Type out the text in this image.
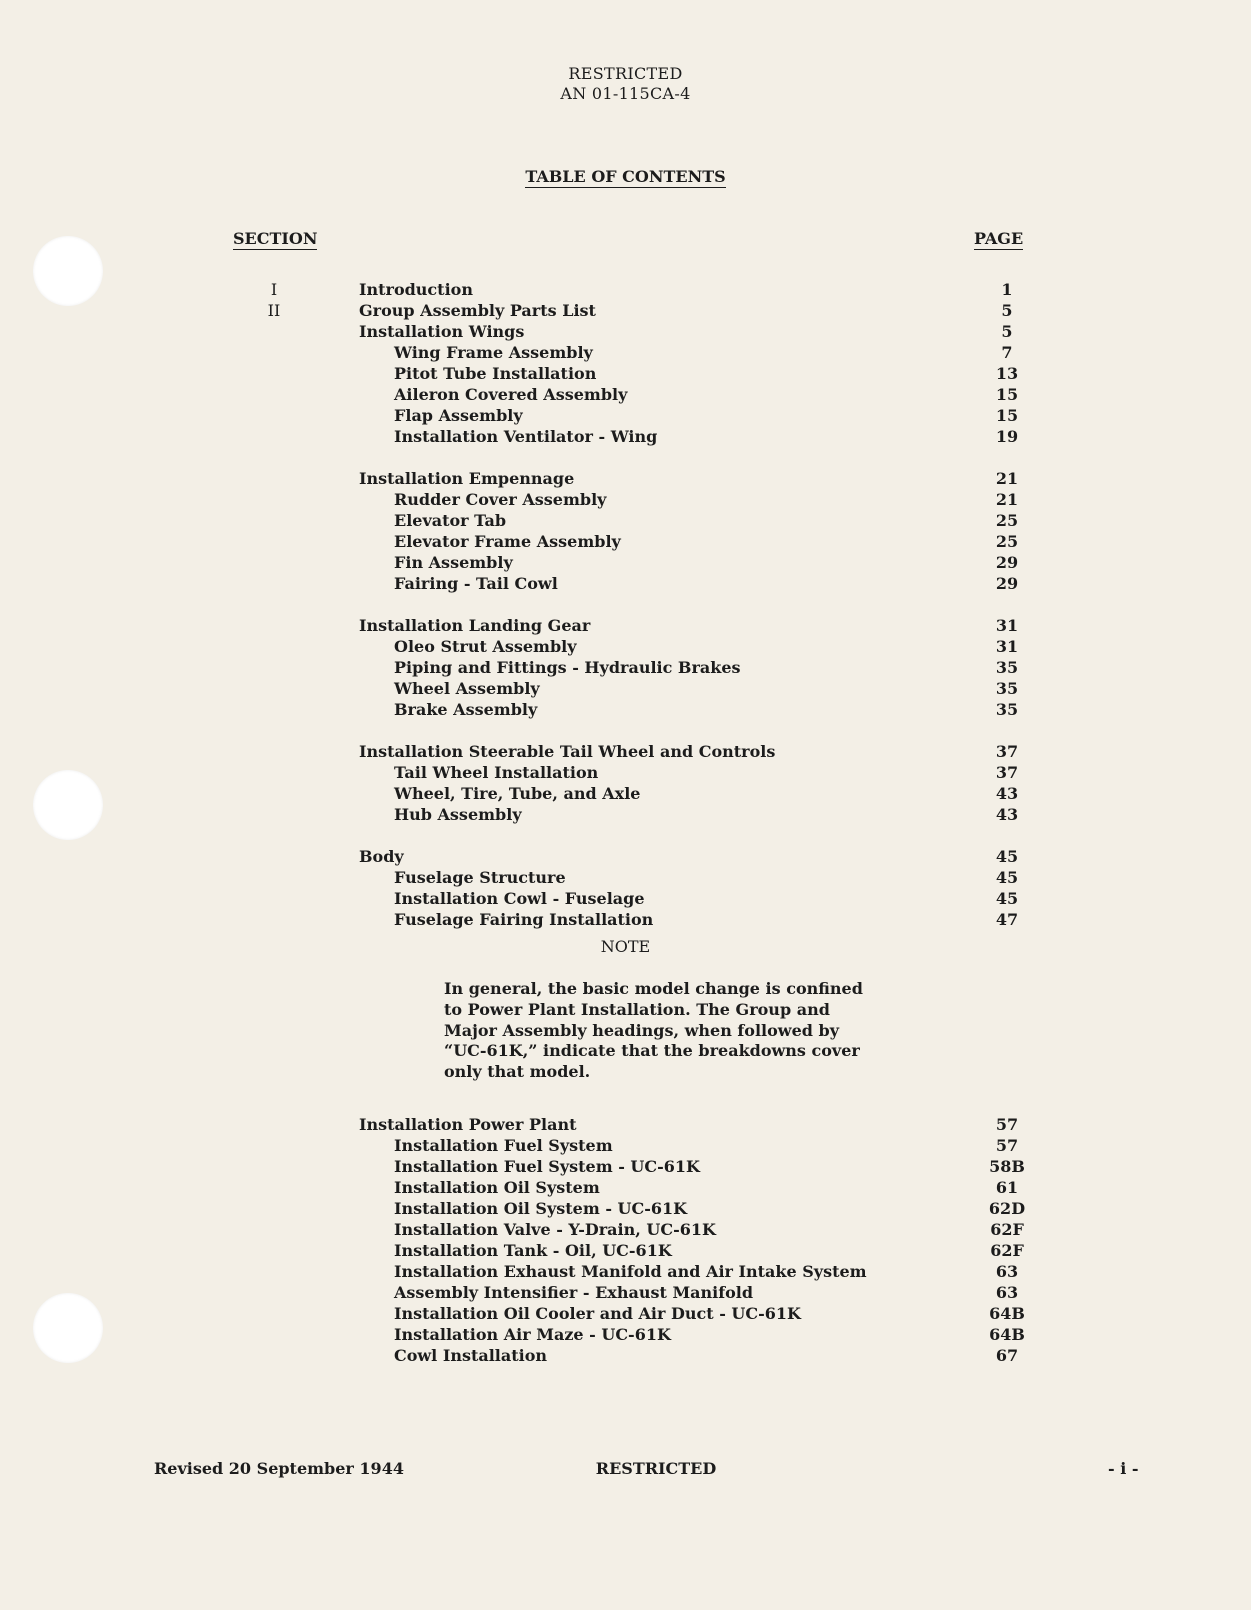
RESTRICTED
AN 01-115CA-4
TABLE OF CONTENTS
SECTION	PAGE
I	Introduction	1
II	Group Assembly Parts List	5
Installation Wings	5
Wing Frame Assembly	7
Pitot Tube Installation	13
Aileron Covered Assembly	15
Flap Assembly	15
Installation Ventilator - Wing	19
Installation Empennage	21
Rudder Cover Assembly	21
Elevator Tab	25
Elevator Frame Assembly	25
Fin Assembly	29
Fairing - Tail Cowl	29
Installation Landing Gear	31
Oleo Strut Assembly	31
Piping and Fittings - Hydraulic Brakes	35
Wheel Assembly	35
Brake Assembly	35
Installation Steerable Tail Wheel and Controls	37
Tail Wheel Installation	37
Wheel, Tire, Tube, and Axle	43
Hub Assembly	43
Body	45
Fuselage Structure	45
Installation Cowl - Fuselage	45
Fuselage Fairing Installation	47
Installation Power Plant	57
Installation Fuel System	57
Installation Fuel System - UC-61K	58B
Installation Oil System	61
Installation Oil System - UC-61K	62D
Installation Valve - Y-Drain, UC-61K	62F
Installation Tank - Oil, UC-61K	62F
Installation Exhaust Manifold and Air Intake System	63
Assembly Intensifier - Exhaust Manifold	63
Installation Oil Cooler and Air Duct - UC-61K	64B
Installation Air Maze - UC-61K	64B
Cowl Installation	67
NOTE
In general, the basic model change is confined
to Power Plant Installation. The Group and
Major Assembly headings, when followed by
“UC-61K,” indicate that the breakdowns cover
only that model.
Revised 20 September 1944	RESTRICTED	- i -
